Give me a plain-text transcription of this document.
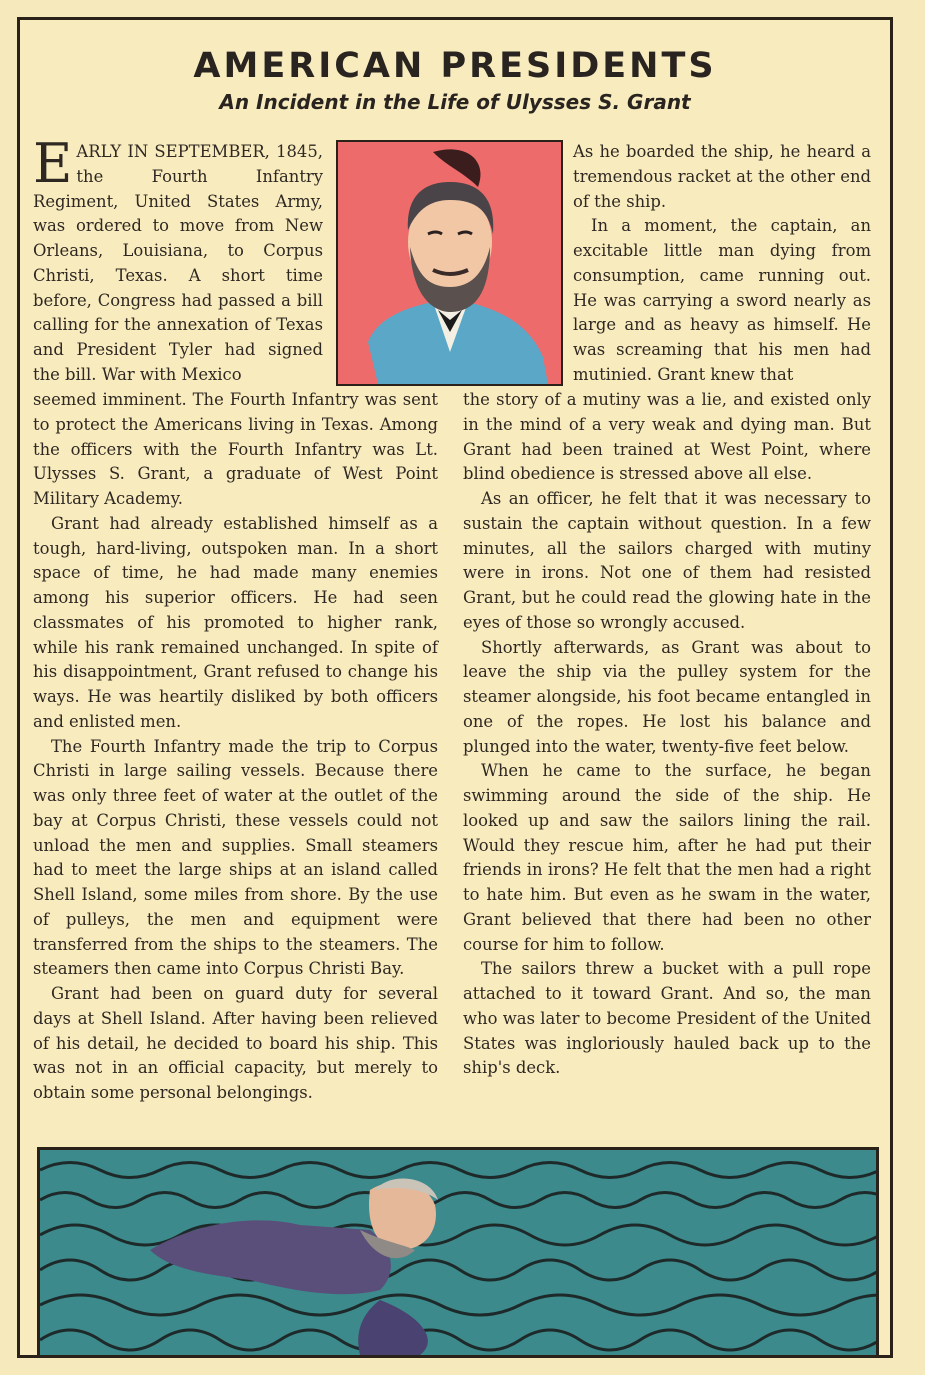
AMERICAN PRESIDENTS
An Incident in the Life of Ulysses S. Grant

EARLY IN SEPTEMBER, 1845, the Fourth Infantry Regiment, United States Army, was ordered to move from New Orleans, Louisiana, to Corpus Christi, Texas. A short time before, Congress had passed a bill calling for the annexation of Texas and President Tyler had signed the bill. War with Mexico

seemed imminent. The Fourth Infantry was sent to protect the Americans living in Texas. Among the officers with the Fourth Infantry was Lt. Ulysses S. Grant, a graduate of West Point Military Academy.

Grant had already established himself as a tough, hard-living, outspoken man. In a short space of time, he had made many enemies among his superior officers. He had seen classmates of his promoted to higher rank, while his rank remained unchanged. In spite of his disappointment, Grant refused to change his ways. He was heartily disliked by both officers and enlisted men.

The Fourth Infantry made the trip to Corpus Christi in large sailing vessels. Because there was only three feet of water at the outlet of the bay at Corpus Christi, these vessels could not unload the men and supplies. Small steamers had to meet the large ships at an island called Shell Island, some miles from shore. By the use of pulleys, the men and equipment were transferred from the ships to the steamers. The steamers then came into Corpus Christi Bay.

Grant had been on guard duty for several days at Shell Island. After having been relieved of his detail, he decided to board his ship. This was not in an official capacity, but merely to obtain some personal belongings.

As he boarded the ship, he heard a tremendous racket at the other end of the ship.

In a moment, the captain, an excitable little man dying from consumption, came running out. He was carrying a sword nearly as large and as heavy as himself. He was screaming that his men had mutinied. Grant knew that

the story of a mutiny was a lie, and existed only in the mind of a very weak and dying man. But Grant had been trained at West Point, where blind obedience is stressed above all else.

As an officer, he felt that it was necessary to sustain the captain without question. In a few minutes, all the sailors charged with mutiny were in irons. Not one of them had resisted Grant, but he could read the glowing hate in the eyes of those so wrongly accused.

Shortly afterwards, as Grant was about to leave the ship via the pulley system for the steamer alongside, his foot became entangled in one of the ropes. He lost his balance and plunged into the water, twenty-five feet below.

When he came to the surface, he began swimming around the side of the ship. He looked up and saw the sailors lining the rail. Would they rescue him, after he had put their friends in irons? He felt that the men had a right to hate him. But even as he swam in the water, Grant believed that there had been no other course for him to follow.

The sailors threw a bucket with a pull rope attached to it toward Grant. And so, the man who was later to become President of the United States was ingloriously hauled back up to the ship's deck.
